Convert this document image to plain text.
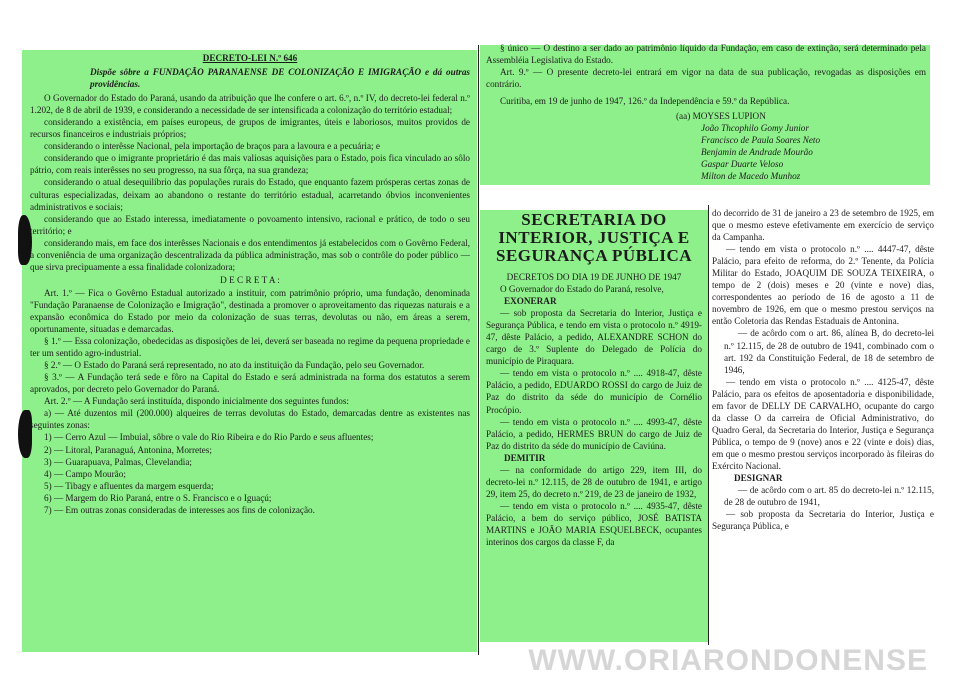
DECRETO-LEI N.º 646

Dispõe sôbre a FUNDAÇÃO PARANAENSE DE COLONIZAÇÃO E IMIGRAÇÃO e dá outras providências.

O Governador do Estado do Paraná, usando da atribuição que lhe confere o art. 6.º, n.º IV, do decreto-lei federal n.º 1.202, de 8 de abril de 1939, e considerando a necessidade de ser intensificada a colonização do território estadual;

considerando a existência, em países europeus, de grupos de imigrantes, úteis e laboriosos, muitos providos de recursos financeiros e industriais próprios;

considerando o interêsse Nacional, pela importação de braços para a lavoura e a pecuária; e

considerando que o imigrante proprietário é das mais valiosas aquisições para o Estado, pois fica vinculado ao sôlo pátrio, com reais interêsses no seu progresso, na sua fôrça, na sua grandeza;

considerando o atual desequilíbrio das populações rurais do Estado, que enquanto fazem prósperas certas zonas de culturas especializadas, deixam ao abandono o restante do território estadual, acarretando óbvios inconvenientes administrativos e sociais;

considerando que ao Estado interessa, imediatamente o povoamento intensivo, racional e prático, de todo o seu território; e

considerando mais, em face dos interêsses Nacionais e dos entendimentos já estabelecidos com o Govêrno Federal, a conveniência de uma organização descentralizada da pública administração, mas sob o contrôle do poder público — que sirva precìpuamente a essa finalidade colonizadora;

D E C R E T A :

Art. 1.º — Fica o Govêrno Estadual autorizado a instituir, com patrimônio próprio, uma fundação, denominada "Fundação Paranaense de Colonização e Imigração", destinada a promover o aproveitamento das riquezas naturais e a expansão econômica do Estado por meio da colonização de suas terras, devolutas ou não, em áreas a serem, oportunamente, situadas e demarcadas.

§ 1.º — Essa colonização, obedecidas as disposições de lei, deverá ser baseada no regime da pequena propriedade e ter um sentido agro-industrial.

§ 2.º — O Estado do Paraná será representado, no ato da instituição da Fundação, pelo seu Governador.

§ 3.º — A Fundação terá sede e fôro na Capital do Estado e será administrada na forma dos estatutos a serem aprovados, por decreto pelo Governador do Paraná.

Art. 2.º — A Fundação será instituída, dispondo inicialmente dos seguintes fundos:

a) — Até duzentos mil (200.000) alqueires de terras devolutas do Estado, demarcadas dentre as existentes nas seguintes zonas:

1) — Cerro Azul — Imbuial, sôbre o vale do Rio Ribeira e do Rio Pardo e seus afluentes;

2) — Litoral, Paranaguá, Antonina, Morretes;

3) — Guarapuava, Palmas, Clevelandia;

4) — Campo Mourão;

5) — Tibagy e afluentes da margem esquerda;

6) — Margem do Rio Paraná, entre o S. Francisco e o Iguaçú;

7) — Em outras zonas consideradas de interesses aos fins de colonização.

§ único — O destino a ser dado ao patrimônio líquido da Fundação, em caso de extinção, será determinado pela Assembléia Legislativa do Estado.

Art. 9.º — O presente decreto-lei entrará em vigor na data de sua publicação, revogadas as disposições em contrário.

Curitiba, em 19 de junho de 1947, 126.º da Independência e 59.º da República.

(aa) MOYSES LUPION

João Thcophilo Gomy Junior

Francisco de Paula Soares Neto

Benjamin de Andrade Mourão

Gaspar Duarte Veloso

Milton de Macedo Munhoz

SECRETARIA DO INTERIOR, JUSTIÇA E SEGURANÇA PÚBLICA

DECRETOS DO DIA 19 DE JUNHO DE 1947

O Governador do Estado do Paraná, resolve,

EXONERAR

— sob proposta da Secretaria do Interior, Justiça e Segurança Pública, e tendo em vista o protocolo n.º 4919-47, dêste Palácio, a pedido, ALEXANDRE SCHON do cargo de 3.º Suplente do Delegado de Polícia do município de Piraquara.

— tendo em vista o protocolo n.º .... 4918-47, dêste Palácio, a pedido, EDUARDO ROSSI do cargo de Juiz de Paz do distrito da séde do município de Cornélio Procópio.

— tendo em vista o protocolo n.º .... 4993-47, dêste Palácio, a pedido, HERMES BRUN do cargo de Juiz de Paz do distrito da séde do município de Caviúna.

DEMITIR

— na conformidade do artigo 229, item III, do decreto-lei n.º 12.115, de 28 de outubro de 1941, e artigo 29, item 25, do decreto n.º 219, de 23 de janeiro de 1932,

— tendo em vista o protocolo n.º .... 4935-47, dêste Palácio, a bem do serviço público, JOSÉ BATISTA MARTINS e JOÃO MARIA ESQUELBECK, ocupantes interinos dos cargos da classe F, da

do decorrido de 31 de janeiro a 23 de setembro de 1925, em que o mesmo esteve efetivamente em exercício de serviço da Campanha.

— tendo em vista o protocolo n.º .... 4447-47, dêste Palácio, para efeito de reforma, do 2.º Tenente, da Polícia Militar do Estado, JOAQUIM DE SOUZA TEIXEIRA, o tempo de 2 (dois) meses e 20 (vinte e nove) dias, correspondentes ao período de 16 de agosto a 11 de novembro de 1926, em que o mesmo prestou serviços na então Coletoria das Rendas Estaduais de Antonina.

— de acôrdo com o art. 86, alínea B, do decreto-lei n.º 12.115, de 28 de outubro de 1941, combinado com o art. 192 da Constituição Federal, de 18 de setembro de 1946,

— tendo em vista o protocolo n.º .... 4125-47, dêste Palácio, para os efeitos de aposentadoria e disponibilidade, em favor de DELLY DE CARVALHO, ocupante do cargo da classe O da carreira de Oficial Administrativo, do Quadro Geral, da Secretaria do Interior, Justiça e Segurança Pública, o tempo de 9 (nove) anos e 22 (vinte e dois) dias, em que o mesmo prestou serviços incorporado às fileiras do Exército Nacional.

DESIGNAR

— de acôrdo com o art. 85 do decreto-lei n.º 12.115, de 28 de outubro de 1941,

— sob proposta da Secretaria do Interior, Justiça e Segurança Pública, e

WWW.ORIARONDONENSE
